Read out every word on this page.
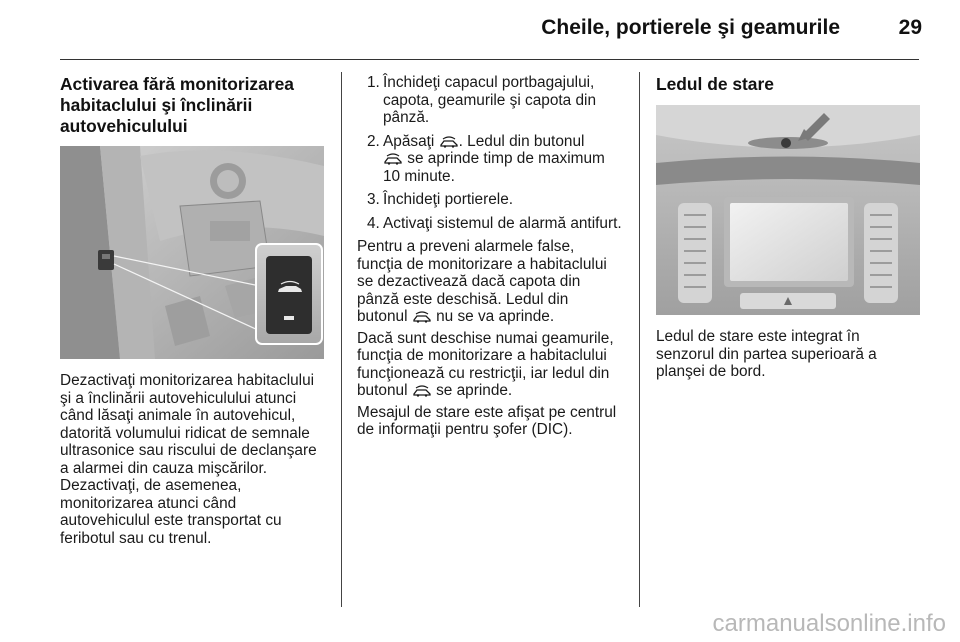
Cheile, portierele şi geamurile	29
Activarea fără monitorizarea habitaclului şi înclinării autovehiculului

Dezactivaţi monitorizarea habitaclului şi a înclinării autovehiculului atunci când lăsaţi animale în autovehicul, datorită volumului ridicat de semnale ultrasonice sau riscului de declanşare a alarmei din cauza mişcărilor. Dezactivaţi, de asemenea, monitorizarea atunci când autovehiculul este transportat cu feribotul sau cu trenul.

1. Închideţi capacul portbagajului, capota, geamurile şi capota din pânză.
2. Apăsaţi . Ledul din butonul
se aprinde timp de maximum 10 minute.
3. Închideţi portierele.
4. Activaţi sistemul de alarmă antifurt.

Pentru a preveni alarmele false, funcţia de monitorizare a habitaclului se dezactivează dacă capota din pânză este deschisă. Ledul din butonul nu se va aprinde.

Dacă sunt deschise numai geamurile, funcţia de monitorizare a habitaclului funcţionează cu restricţii, iar ledul din butonul se aprinde.

Mesajul de stare este afişat pe centrul de informaţii pentru şofer (DIC).

Ledul de stare

Ledul de stare este integrat în senzorul din partea superioară a planşei de bord.

carmanualsonline.info
